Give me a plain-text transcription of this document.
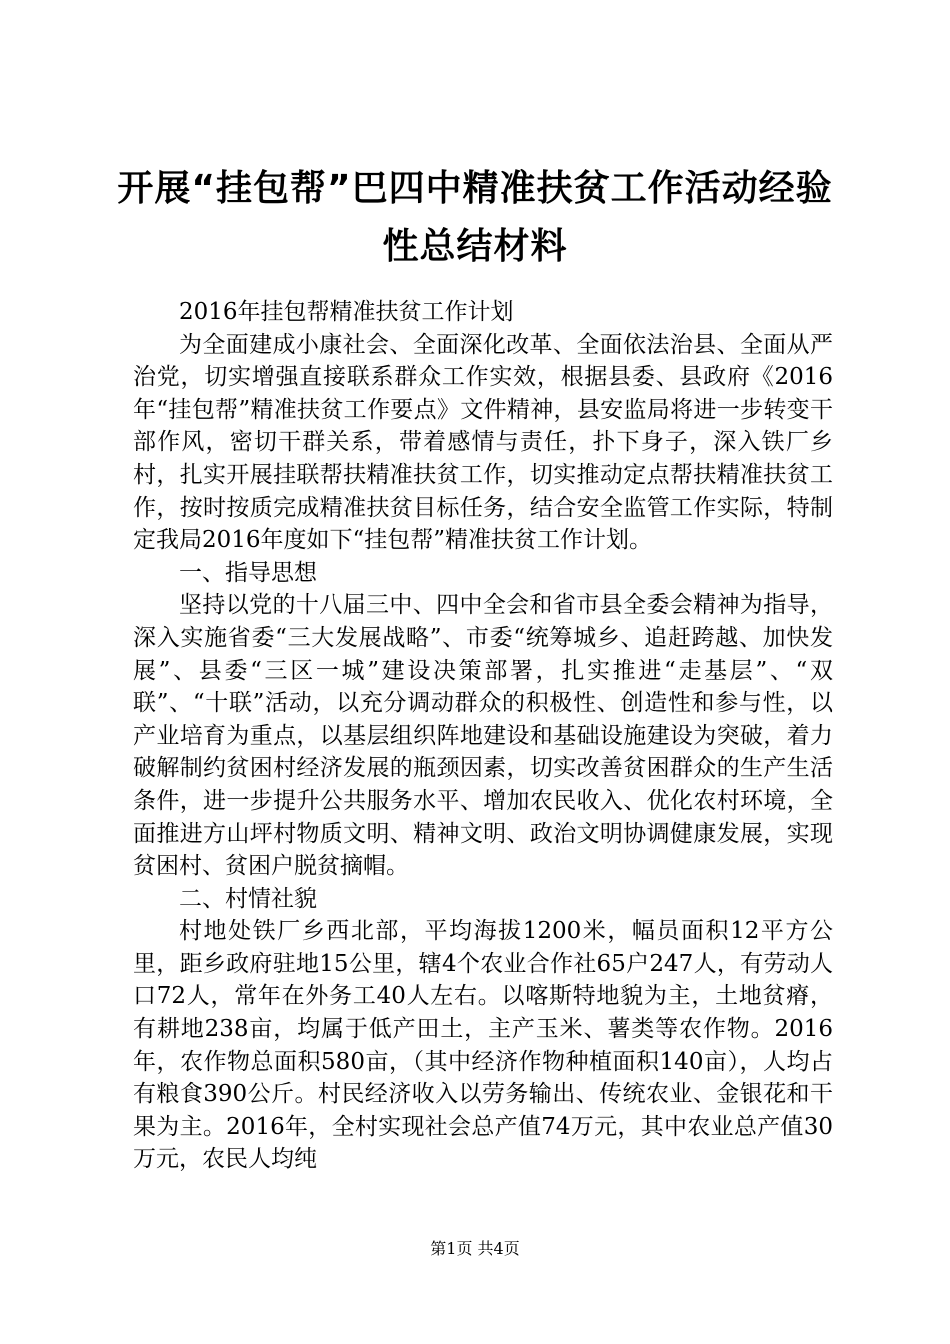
开展“挂包帮”巴四中精准扶贫工作活动经验
性总结材料

2016年挂包帮精准扶贫工作计划

为全面建成小康社会、全面深化改革、全面依法治县、全面从严治党，切实增强直接联系群众工作实效，根据县委、县政府《2016年“挂包帮”精准扶贫工作要点》文件精神，县安监局将进一步转变干部作风，密切干群关系，带着感情与责任，扑下身子，深入铁厂乡村，扎实开展挂联帮扶精准扶贫工作，切实推动定点帮扶精准扶贫工作，按时按质完成精准扶贫目标任务，结合安全监管工作实际，特制定我局2016年度如下“挂包帮”精准扶贫工作计划。

一、指导思想

坚持以党的十八届三中、四中全会和省市县全委会精神为指导，深入实施省委“三大发展战略”、市委“统筹城乡、追赶跨越、加快发展”、县委“三区一城”建设决策部署，扎实推进“走基层”、“双联”、“十联”活动，以充分调动群众的积极性、创造性和参与性，以产业培育为重点，以基层组织阵地建设和基础设施建设为突破，着力破解制约贫困村经济发展的瓶颈因素，切实改善贫困群众的生产生活条件，进一步提升公共服务水平、增加农民收入、优化农村环境，全面推进方山坪村物质文明、精神文明、政治文明协调健康发展，实现贫困村、贫困户脱贫摘帽。

二、村情社貌

村地处铁厂乡西北部，平均海拔1200米，幅员面积12平方公里，距乡政府驻地15公里，辖4个农业合作社65户247人，有劳动人口72人，常年在外务工40人左右。以喀斯特地貌为主，土地贫瘠，有耕地238亩，均属于低产田土，主产玉米、薯类等农作物。2016年，农作物总面积580亩，（其中经济作物种植面积140亩），人均占有粮食390公斤。村民经济收入以劳务输出、传统农业、金银花和干果为主。2016年，全村实现社会总产值74万元，其中农业总产值30万元，农民人均纯

第1页 共4页
